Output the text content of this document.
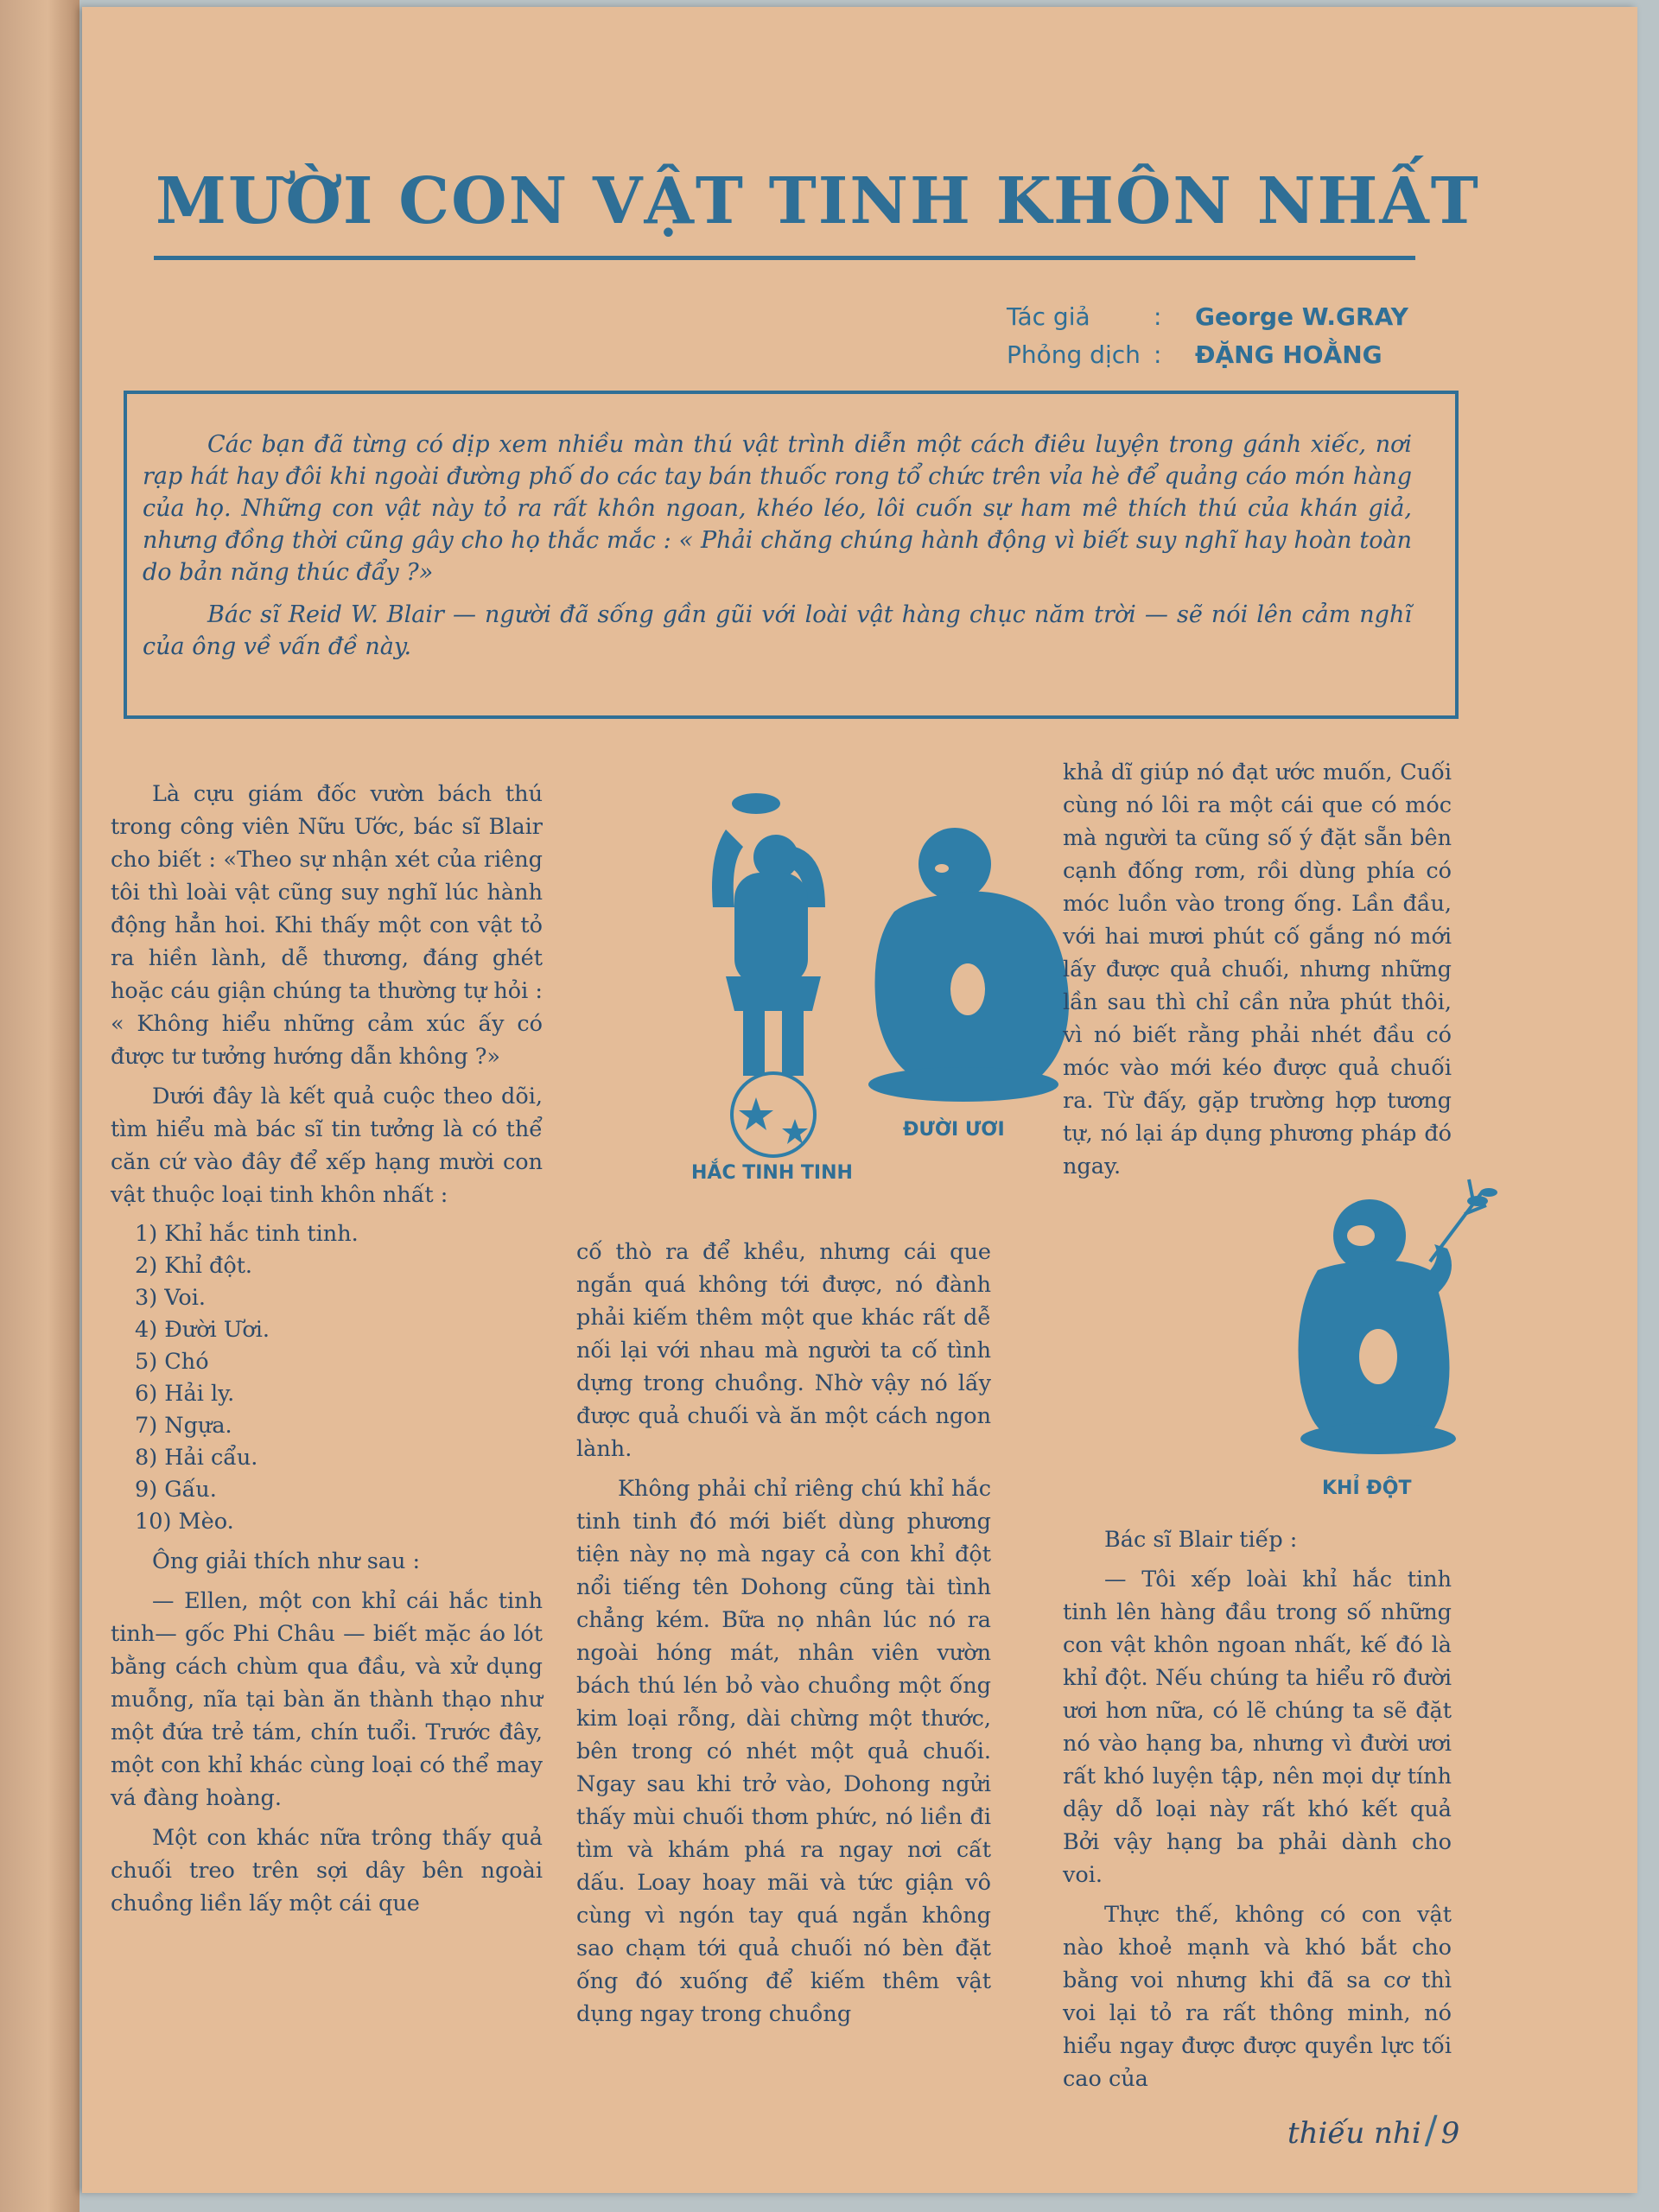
MƯỜI CON VẬT TINH KHÔN NHẤT
Tác giả	:	George W.GRAY
Phỏng dịch :	ĐẶNG HOẰNG

Các bạn đã từng có dịp xem nhiều màn thú vật trình diễn một cách điêu luyện trong gánh xiếc, nơi rạp hát hay đôi khi ngoài đường phố do các tay bán thuốc rong tổ chức trên vỉa hè để quảng cáo món hàng của họ. Những con vật này tỏ ra rất khôn ngoan, khéo léo, lôi cuốn sự ham mê thích thú của khán giả, nhưng đồng thời cũng gây cho họ thắc mắc : « Phải chăng chúng hành động vì biết suy nghĩ hay hoàn toàn do bản năng thúc đẩy ?»

Bác sĩ Reid W. Blair — người đã sống gần gũi với loài vật hàng chục năm trời — sẽ nói lên cảm nghĩ của ông về vấn đề này.

Là cựu giám đốc vườn bách thú trong công viên Nữu Ước, bác sĩ Blair cho biết : «Theo sự nhận xét của riêng tôi thì loài vật cũng suy nghĩ lúc hành động hẳn hoi. Khi thấy một con vật tỏ ra hiền lành, dễ thương, đáng ghét hoặc cáu giận chúng ta thường tự hỏi : « Không hiểu những cảm xúc ấy có được tư tưởng hướng dẫn không ?»

Dưới đây là kết quả cuộc theo dõi, tìm hiểu mà bác sĩ tin tưởng là có thể căn cứ vào đây để xếp hạng mười con vật thuộc loại tinh khôn nhất :

1) Khỉ hắc tinh tinh.
2) Khỉ đột.
3) Voi.
4) Đười Ươi.
5) Chó
6) Hải ly.
7) Ngựa.
8) Hải cẩu.
9) Gấu.
10) Mèo.

Ông giải thích như sau :

— Ellen, một con khỉ cái hắc tinh tinh— gốc Phi Châu — biết mặc áo lót bằng cách chùm qua đầu, và xử dụng muỗng, nĩa tại bàn ăn thành thạo như một đứa trẻ tám, chín tuổi. Trước đây, một con khỉ khác cùng loại có thể may vá đàng hoàng.

Một con khác nữa trông thấy quả chuối treo trên sợi dây bên ngoài chuồng liền lấy một cái que

HẮC TINH TINH
ĐƯỜI ƯƠI

cố thò ra để khều, nhưng cái que ngắn quá không tới được, nó đành phải kiếm thêm một que khác rất dễ nối lại với nhau mà người ta cố tình dựng trong chuồng. Nhờ vậy nó lấy được quả chuối và ăn một cách ngon lành.

Không phải chỉ riêng chú khỉ hắc tinh tinh đó mới biết dùng phương tiện này nọ mà ngay cả con khỉ đột nổi tiếng tên Dohong cũng tài tình chẳng kém. Bữa nọ nhân lúc nó ra ngoài hóng mát, nhân viên vườn bách thú lén bỏ vào chuồng một ống kim loại rỗng, dài chừng một thước, bên trong có nhét một quả chuối. Ngay sau khi trở vào, Dohong ngửi thấy mùi chuối thơm phức, nó liền đi tìm và khám phá ra ngay nơi cất dấu. Loay hoay mãi và tức giận vô cùng vì ngón tay quá ngắn không sao chạm tới quả chuối nó bèn đặt ống đó xuống để kiếm thêm vật dụng ngay trong chuồng

khả dĩ giúp nó đạt ước muốn, Cuối cùng nó lôi ra một cái que có móc mà người ta cũng số ý đặt sẵn bên cạnh đống rơm, rồi dùng phía có móc luồn vào trong ống. Lần đầu, với hai mươi phút cố gắng nó mới lấy được quả chuối, nhưng những lần sau thì chỉ cần nửa phút thôi, vì nó biết rằng phải nhét đầu có móc vào mới kéo được quả chuối ra. Từ đấy, gặp trường hợp tương tự, nó lại áp dụng phương pháp đó ngay.

KHỈ ĐỘT

Bác sĩ Blair tiếp :

— Tôi xếp loài khỉ hắc tinh tinh lên hàng đầu trong số những con vật khôn ngoan nhất, kế đó là khỉ đột. Nếu chúng ta hiểu rõ đười ươi hơn nữa, có lẽ chúng ta sẽ đặt nó vào hạng ba, nhưng vì đười ươi rất khó luyện tập, nên mọi dự tính dậy dỗ loại này rất khó kết quả Bởi vậy hạng ba phải dành cho voi.

Thực thế, không có con vật nào khoẻ mạnh và khó bắt cho bằng voi nhưng khi đã sa cơ thì voi lại tỏ ra rất thông minh, nó hiểu ngay được được quyền lực tối cao của

thiếu nhi/ 9
